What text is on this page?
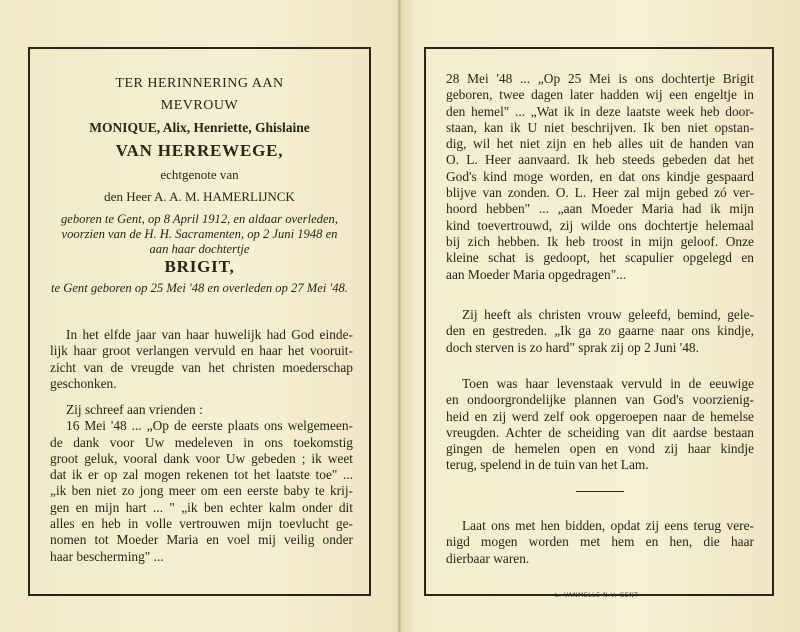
TER HERINNERING AAN
MEVROUW
MONIQUE, Alix, Henriette, Ghislaine
VAN HERREWEGE,
echtgenote van
den Heer A. A. M. HAMERLIJNCK
geboren te Gent, op 8 April 1912, en aldaar overleden,
voorzien van de H. H. Sacramenten, op 2 Juni 1948 en
aan haar dochtertje
BRIGIT,
te Gent geboren op 25 Mei '48 en overleden op 27 Mei '48.
In het elfde jaar van haar huwelijk had God einde-
lijk haar groot verlangen vervuld en haar het vooruit-
zicht van de vreugde van het christen moederschap
geschonken.
Zij schreef aan vrienden :
16 Mei '48 ... „Op de eerste plaats ons welgemeen-
de dank voor Uw medeleven in ons toekomstig
groot geluk, vooral dank voor Uw gebeden ; ik weet
dat ik er op zal mogen rekenen tot het laatste toe" ...
„ik ben niet zo jong meer om een eerste baby te krij-
gen en mijn hart ... " „ik ben echter kalm onder dit
alles en heb in volle vertrouwen mijn toevlucht ge-
nomen tot Moeder Maria en voel mij veilig onder
haar bescherming" ...
28 Mei '48 ... „Op 25 Mei is ons dochtertje Brigit
geboren, twee dagen later hadden wij een engeltje in
den hemel" ... „Wat ik in deze laatste week heb door-
staan, kan ik U niet beschrijven. Ik ben niet opstan-
dig, wil het niet zijn en heb alles uit de handen van
O. L. Heer aanvaard. Ik heb steeds gebeden dat het
God's kind moge worden, en dat ons kindje gespaard
blijve van zonden. O. L. Heer zal mijn gebed zó ver-
hoord hebben" ... „aan Moeder Maria had ik mijn
kind toevertrouwd, zij wilde ons dochtertje helemaal
bij zich hebben. Ik heb troost in mijn geloof. Onze
kleine schat is gedoopt, het scapulier opgelegd en
aan Moeder Maria opgedragen"...
Zij heeft als christen vrouw geleefd, bemind, gele-
den en gestreden. „Ik ga zo gaarne naar ons kindje,
doch sterven is zo hard" sprak zij op 2 Juni '48.
Toen was haar levenstaak vervuld in de eeuwige
en ondoorgrondelijke plannen van God's voorzienig-
heid en zij werd zelf ook opgeroepen naar de hemelse
vreugden. Achter de scheiding van dit aardse bestaan
gingen de hemelen open en vond zij haar kindje
terug, spelend in de tuin van het Lam.
Laat ons met hen bidden, opdat zij eens terug vere-
nigd mogen worden met hem en hen, die haar
dierbaar waren.
L. VANMELLE N.V. GENT
